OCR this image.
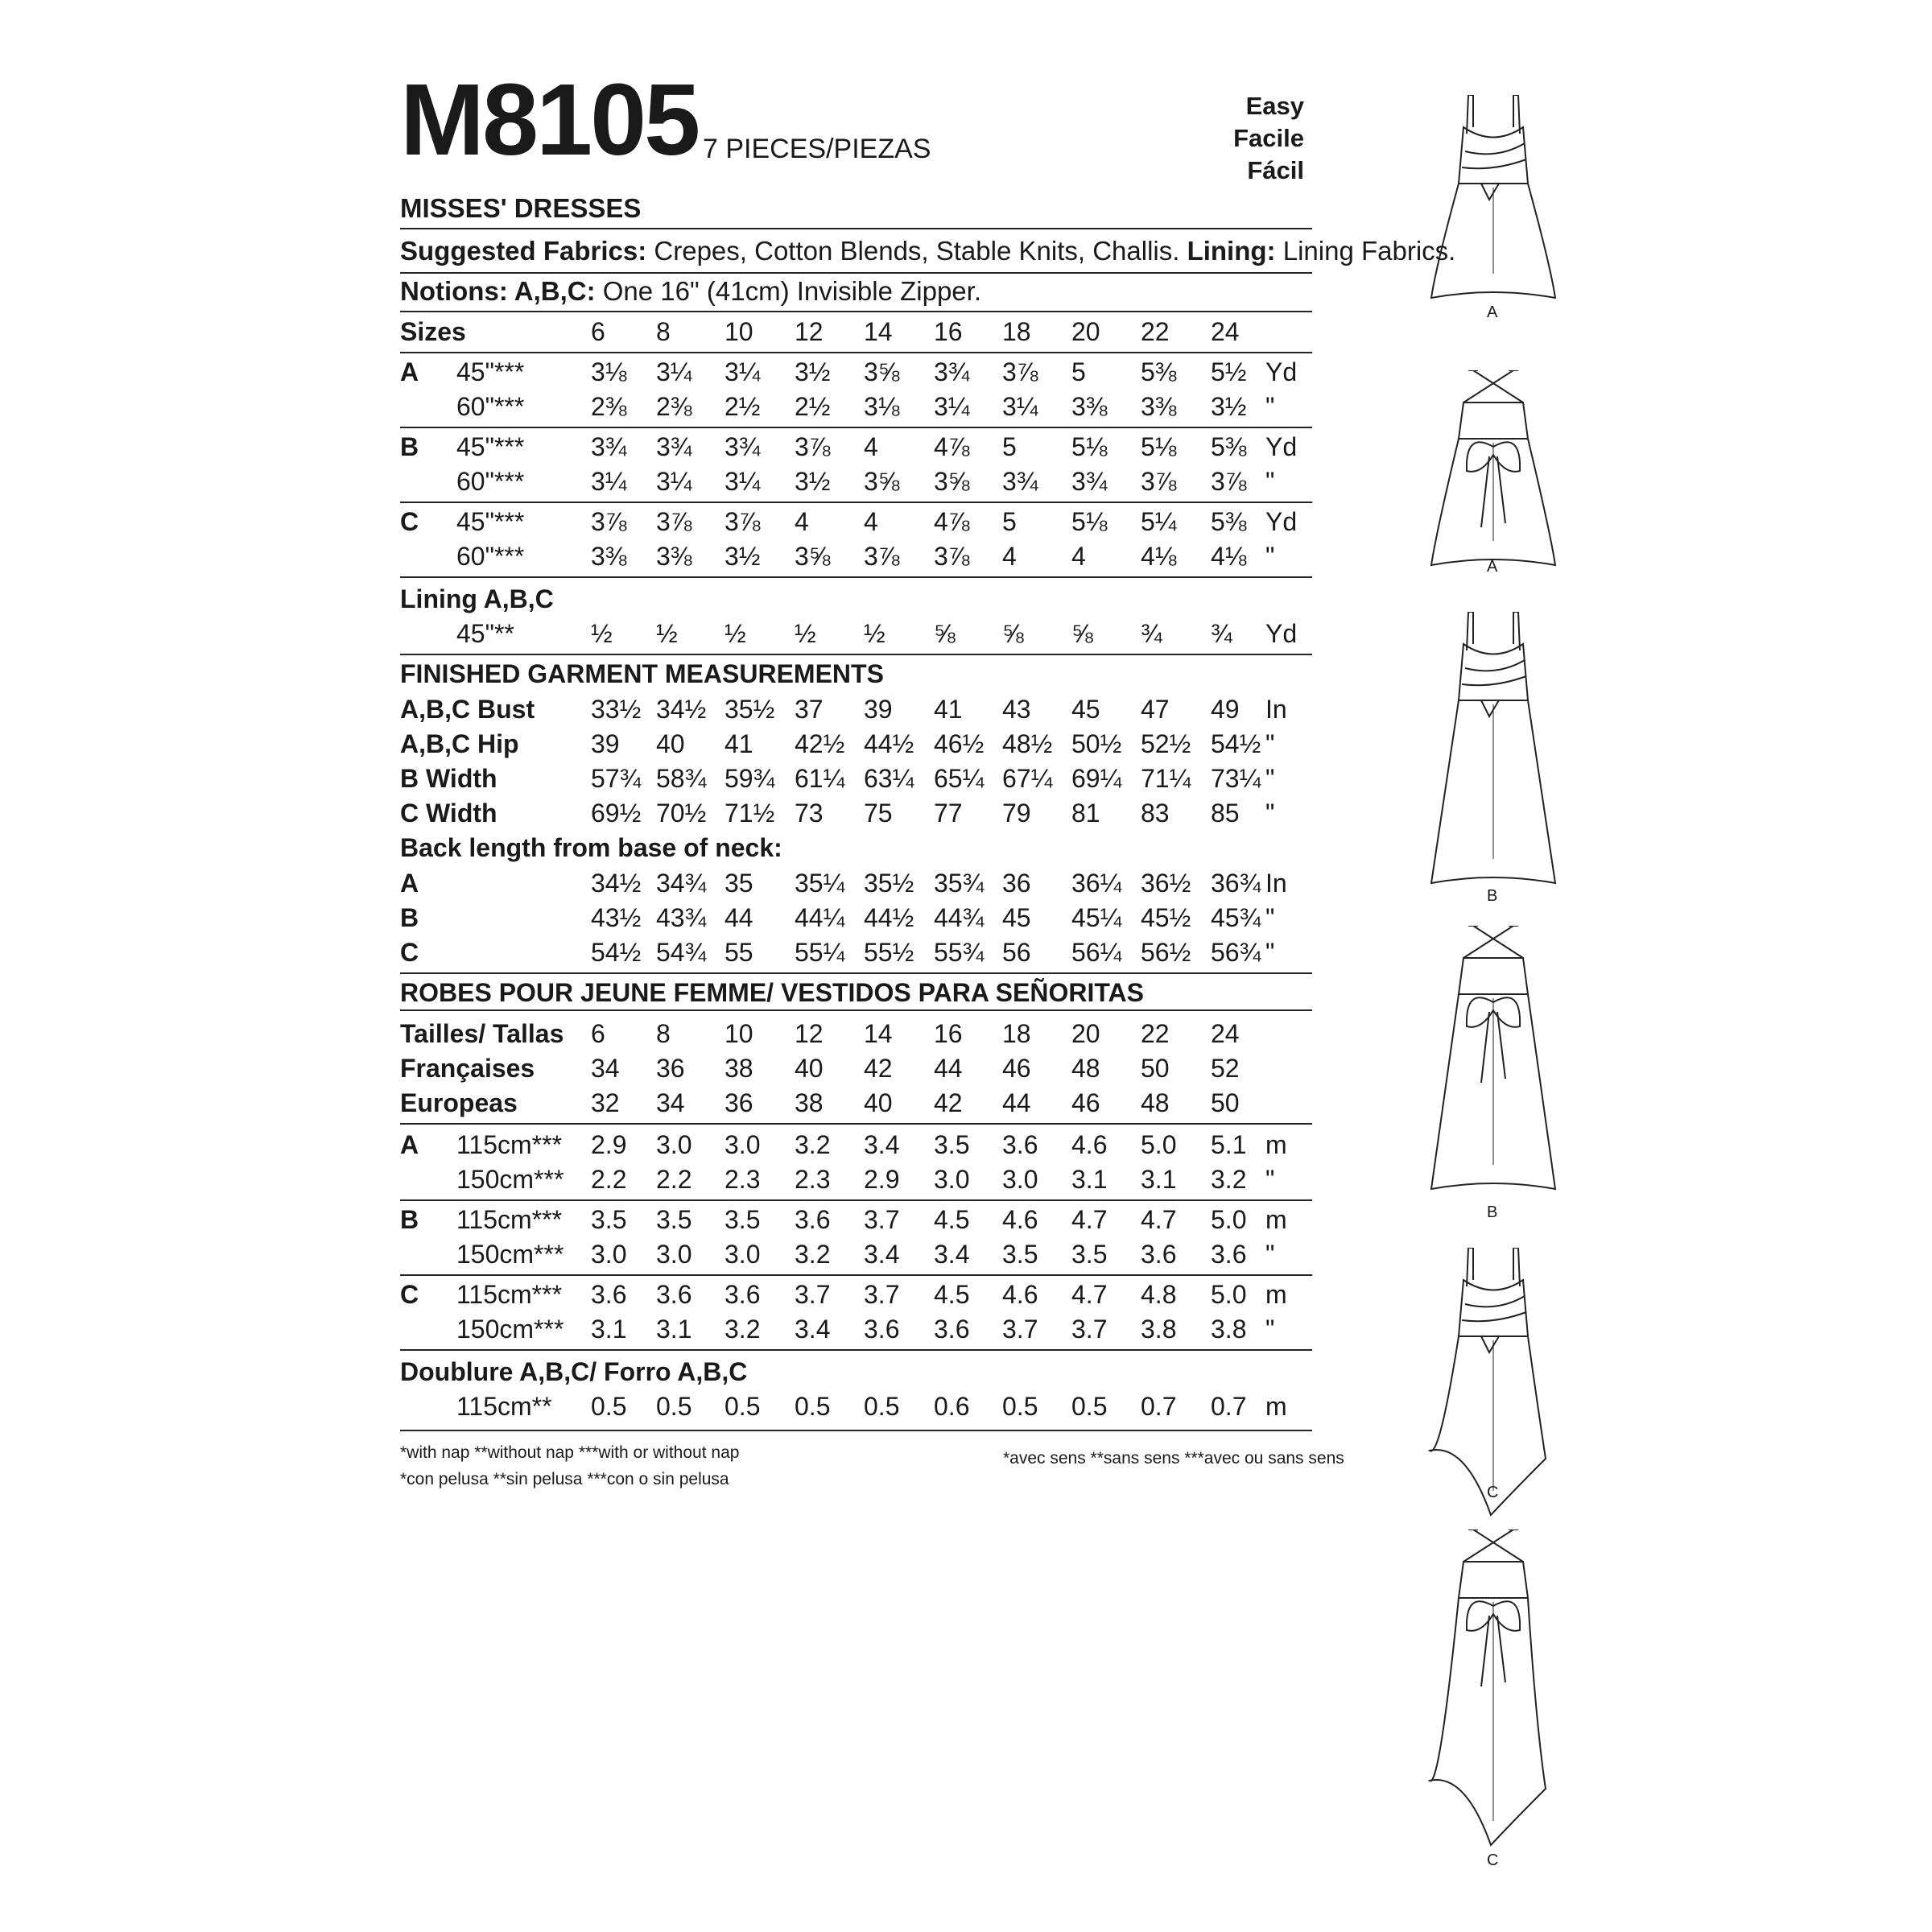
M8105 7 PIECES/PIEZAS
Easy
Facile
Fácil
MISSES' DRESSES
Suggested Fabrics: Crepes, Cotton Blends, Stable Knits, Challis. Lining: Lining Fabrics.
Notions: A,B,C: One 16" (41cm) Invisible Zipper.
Sizes	6 8 10 12 14 16 18 20 22 24
A 45"***	3⅛ 3¼ 3¼ 3½ 3⅝ 3¾ 3⅞ 5 5⅜ 5½ Yd
60"***	2⅜ 2⅜ 2½ 2½ 3⅛ 3¼ 3¼ 3⅜ 3⅜ 3½ "
B 45"***	3¾ 3¾ 3¾ 3⅞ 4 4⅞ 5 5⅛ 5⅛ 5⅜ Yd
60"***	3¼ 3¼ 3¼ 3½ 3⅝ 3⅝ 3¾ 3¾ 3⅞ 3⅞ "
C 45"***	3⅞ 3⅞ 3⅞ 4 4 4⅞ 5 5⅛ 5¼ 5⅜ Yd
60"***	3⅜ 3⅜ 3½ 3⅝ 3⅞ 3⅞ 4 4 4⅛ 4⅛ "
Lining A,B,C
45"**	½ ½ ½ ½ ½ ⅝ ⅝ ⅝ ¾ ¾ Yd
FINISHED GARMENT MEASUREMENTS
A,B,C Bust 33½ 34½ 35½ 37 39 41 43 45 47 49 In
A,B,C Hip	39 40 41 42½ 44½ 46½ 48½ 50½ 52½ 54½ "
B Width	57¾ 58¾ 59¾ 61¼ 63¼ 65¼ 67¼ 69¼ 71¼ 73¼ "
C Width	69½ 70½ 71½ 73 75 77 79 81 83 85 "
Back length from base of neck:
A	34½ 34¾ 35 35¼ 35½ 35¾ 36 36¼ 36½ 36¾ In
B	43½ 43¾ 44 44¼ 44½ 44¾ 45 45¼ 45½ 45¾ "
C	54½ 54¾ 55 55¼ 55½ 55¾ 56 56¼ 56½ 56¾ "
ROBES POUR JEUNE FEMME/ VESTIDOS PARA SEÑORITAS
Tailles/ Tallas 6 8 10 12 14 16 18 20 22 24
Françaises 34 36 38 40 42 44 46 48 50 52
Europeas	32 34 36 38 40 42 44 46 48 50
A 115cm*** 2.9 3.0 3.0 3.2 3.4 3.5 3.6 4.6 5.0 5.1 m
150cm*** 2.2 2.2 2.3 2.3 2.9 3.0 3.0 3.1 3.1 3.2 "
B 115cm*** 3.5 3.5 3.5 3.6 3.7 4.5 4.6 4.7 4.7 5.0 m
150cm*** 3.0 3.0 3.0 3.2 3.4 3.4 3.5 3.5 3.6 3.6 "
C 115cm*** 3.6 3.6 3.6 3.7 3.7 4.5 4.6 4.7 4.8 5.0 m
150cm*** 3.1 3.1 3.2 3.4 3.6 3.6 3.7 3.7 3.8 3.8 "
Doublure A,B,C/ Forro A,B,C
115cm** 0.5 0.5 0.5 0.5 0.5 0.6 0.5 0.5 0.7 0.7 m
*with nap **without nap ***with or without nap
*con pelusa **sin pelusa ***con o sin pelusa
*avec sens **sans sens ***avec ou sans sens
A
A
B
B
C
C
